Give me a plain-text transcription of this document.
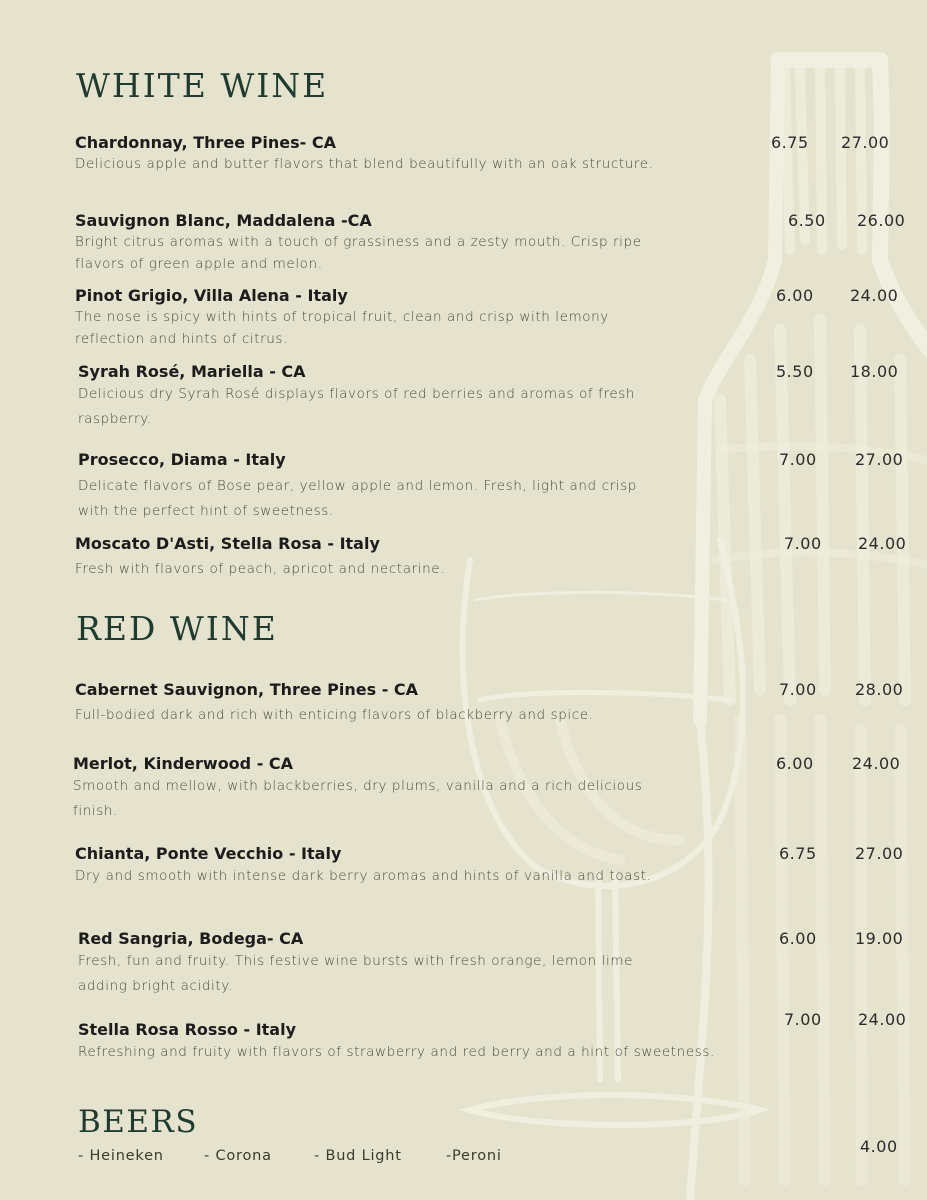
WHITE WINE
Chardonnay, Three Pines- CA
Delicious apple and butter flavors that blend beautifully with an oak structure.
6.75 27.00
Sauvignon Blanc, Maddalena -CA
Bright citrus aromas with a touch of grassiness and a zesty mouth. Crisp ripe flavors of green apple and melon.
6.50 26.00
Pinot Grigio, Villa Alena - Italy
The nose is spicy with hints of tropical fruit, clean and crisp with lemony reflection and hints of citrus.
6.00 24.00
Syrah Rosé, Mariella - CA
Delicious dry Syrah Rosé displays flavors of red berries and aromas of fresh raspberry.
5.50 18.00
Prosecco, Diama - Italy
Delicate flavors of Bose pear, yellow apple and lemon. Fresh, light and crisp with the perfect hint of sweetness.
7.00 27.00
Moscato D'Asti, Stella Rosa - Italy
Fresh with flavors of peach, apricot and nectarine.
7.00 24.00
RED WINE
Cabernet Sauvignon, Three Pines - CA
Full-bodied dark and rich with enticing flavors of blackberry and spice.
7.00 28.00
Merlot, Kinderwood - CA
Smooth and mellow, with blackberries, dry plums, vanilla and a rich delicious finish.
6.00 24.00
Chianta, Ponte Vecchio - Italy
Dry and smooth with intense dark berry aromas and hints of vanilla and toast.
6.75 27.00
Red Sangria, Bodega- CA
Fresh, fun and fruity. This festive wine bursts with fresh orange, lemon lime adding bright acidity.
6.00 19.00
Stella Rosa Rosso - Italy
Refreshing and fruity with flavors of strawberry and red berry and a hint of sweetness.
7.00 24.00
BEERS
- Heineken	- Corona	- Bud Light	-Peroni	4.00
